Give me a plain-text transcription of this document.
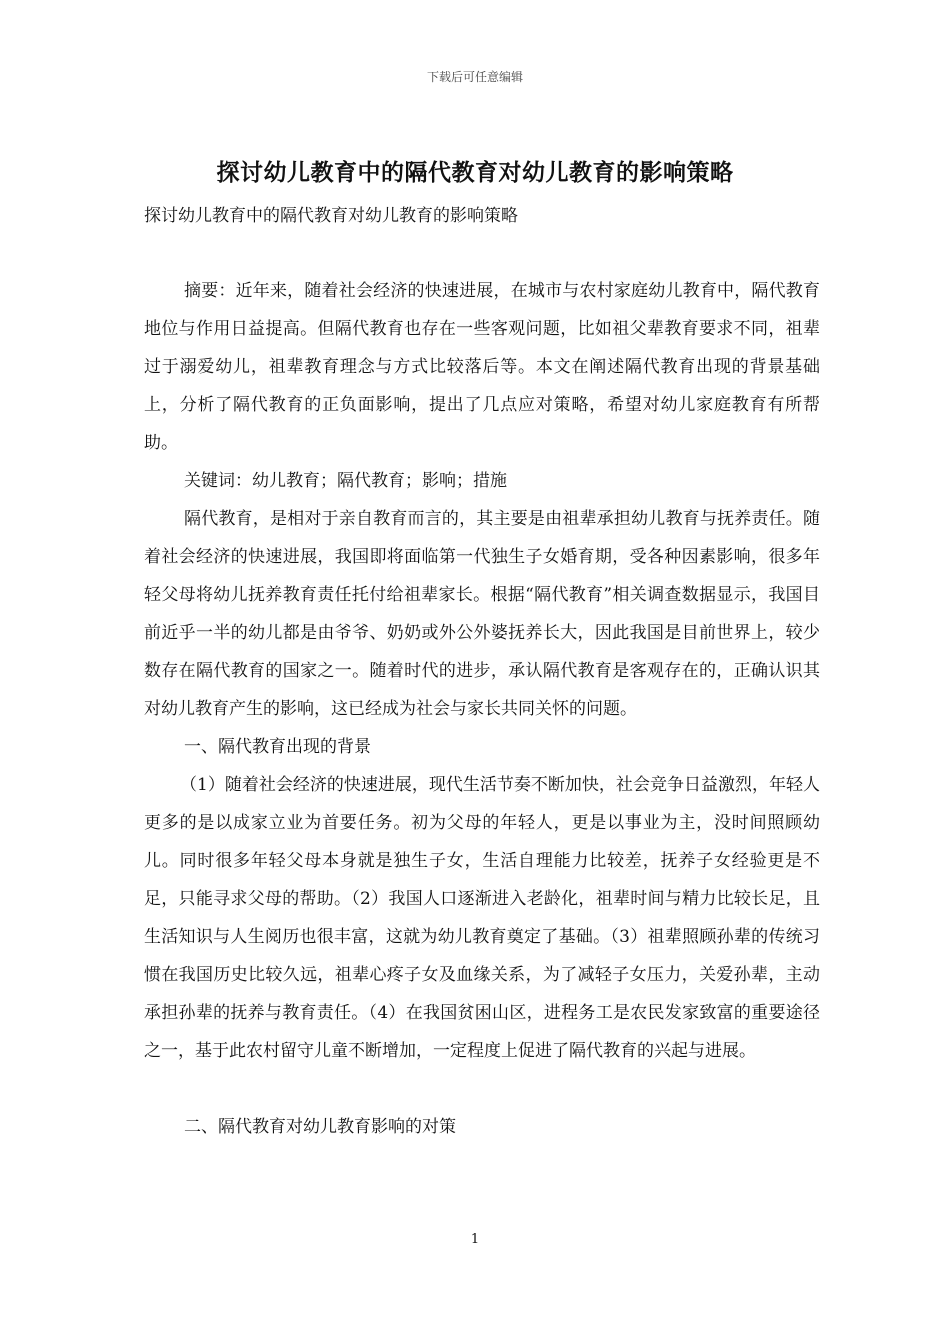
下载后可任意编辑
探讨幼儿教育中的隔代教育对幼儿教育的影响策略

探讨幼儿教育中的隔代教育对幼儿教育的影响策略

摘要：近年来，随着社会经济的快速进展，在城市与农村家庭幼儿教育中，隔代教育地位与作用日益提高。但隔代教育也存在一些客观问题，比如祖父辈教育要求不同，祖辈过于溺爱幼儿，祖辈教育理念与方式比较落后等。本文在阐述隔代教育出现的背景基础上，分析了隔代教育的正负面影响，提出了几点应对策略，希望对幼儿家庭教育有所帮助。

关键词：幼儿教育；隔代教育；影响；措施

隔代教育，是相对于亲自教育而言的，其主要是由祖辈承担幼儿教育与抚养责任。随着社会经济的快速进展，我国即将面临第一代独生子女婚育期，受各种因素影响，很多年轻父母将幼儿抚养教育责任托付给祖辈家长。根据“隔代教育”相关调查数据显示，我国目前近乎一半的幼儿都是由爷爷、奶奶或外公外婆抚养长大，因此我国是目前世界上，较少数存在隔代教育的国家之一。随着时代的进步，承认隔代教育是客观存在的，正确认识其对幼儿教育产生的影响，这已经成为社会与家长共同关怀的问题。

一、隔代教育出现的背景

（1）随着社会经济的快速进展，现代生活节奏不断加快，社会竞争日益激烈，年轻人更多的是以成家立业为首要任务。初为父母的年轻人，更是以事业为主，没时间照顾幼儿。同时很多年轻父母本身就是独生子女，生活自理能力比较差，抚养子女经验更是不足，只能寻求父母的帮助。（2）我国人口逐渐进入老龄化，祖辈时间与精力比较长足，且生活知识与人生阅历也很丰富，这就为幼儿教育奠定了基础。（3）祖辈照顾孙辈的传统习惯在我国历史比较久远，祖辈心疼子女及血缘关系，为了减轻子女压力，关爱孙辈，主动承担孙辈的抚养与教育责任。（4）在我国贫困山区，进程务工是农民发家致富的重要途径之一，基于此农村留守儿童不断增加，一定程度上促进了隔代教育的兴起与进展。

二、隔代教育对幼儿教育影响的对策

1
